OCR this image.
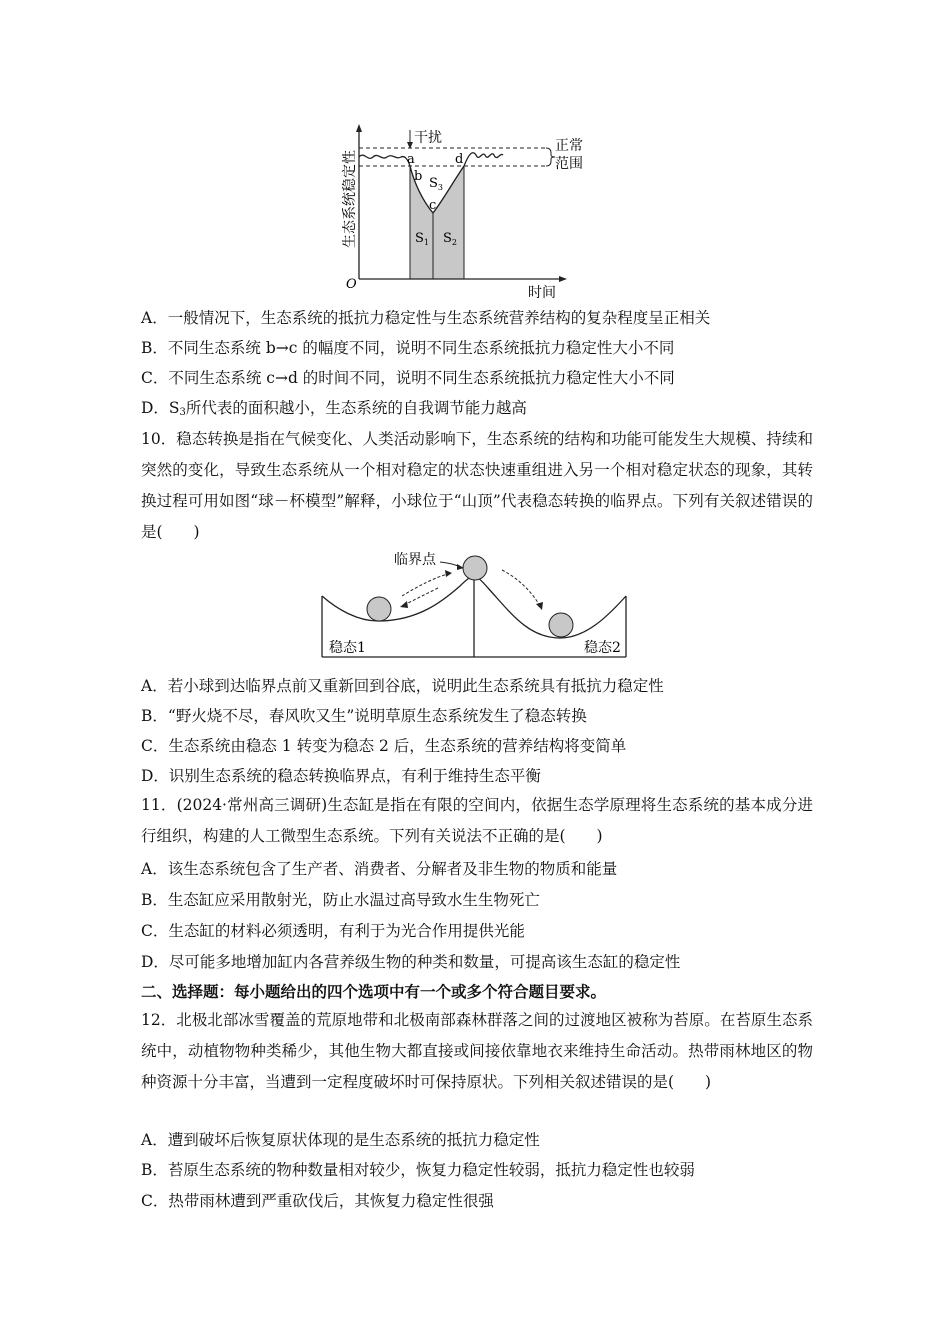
干扰	正常
范围
a
b
c
d
$S_3$
$S_1$ $S_2$
O
时间
生态系统稳定性
A．一般情况下，生态系统的抵抗力稳定性与生态系统营养结构的复杂程度呈正相关
B．不同生态系统 b→c 的幅度不同，说明不同生态系统抵抗力稳定性大小不同
C．不同生态系统 c→d 的时间不同，说明不同生态系统抵抗力稳定性大小不同
D．$S_3$所代表的面积越小，生态系统的自我调节能力越高
10．稳态转换是指在气候变化、人类活动影响下，生态系统的结构和功能可能发生大规模、持续和突然的变化，导致生态系统从一个相对稳定的状态快速重组进入另一个相对稳定状态的现象，其转换过程可用如图“球－杯模型”解释，小球位于“山顶”代表稳态转换的临界点。下列有关叙述错误的是(　　)
临界点
稳态1	稳态2
A．若小球到达临界点前又重新回到谷底，说明此生态系统具有抵抗力稳定性
B．“野火烧不尽，春风吹又生”说明草原生态系统发生了稳态转换
C．生态系统由稳态 1 转变为稳态 2 后，生态系统的营养结构将变简单
D．识别生态系统的稳态转换临界点，有利于维持生态平衡
11．(2024·常州高三调研)生态缸是指在有限的空间内，依据生态学原理将生态系统的基本成分进行组织，构建的人工微型生态系统。下列有关说法不正确的是(　　)
A．该生态系统包含了生产者、消费者、分解者及非生物的物质和能量
B．生态缸应采用散射光，防止水温过高导致水生生物死亡
C．生态缸的材料必须透明，有利于为光合作用提供光能
D．尽可能多地增加缸内各营养级生物的种类和数量，可提高该生态缸的稳定性
二、选择题：每小题给出的四个选项中有一个或多个符合题目要求。
12．北极北部冰雪覆盖的荒原地带和北极南部森林群落之间的过渡地区被称为苔原。在苔原生态系统中，动植物物种类稀少，其他生物大都直接或间接依靠地衣来维持生命活动。热带雨林地区的物种资源十分丰富，当遭到一定程度破坏时可保持原状。下列相关叙述错误的是(　　)
A．遭到破坏后恢复原状体现的是生态系统的抵抗力稳定性
B．苔原生态系统的物种数量相对较少，恢复力稳定性较弱，抵抗力稳定性也较弱
C．热带雨林遭到严重砍伐后，其恢复力稳定性很强
